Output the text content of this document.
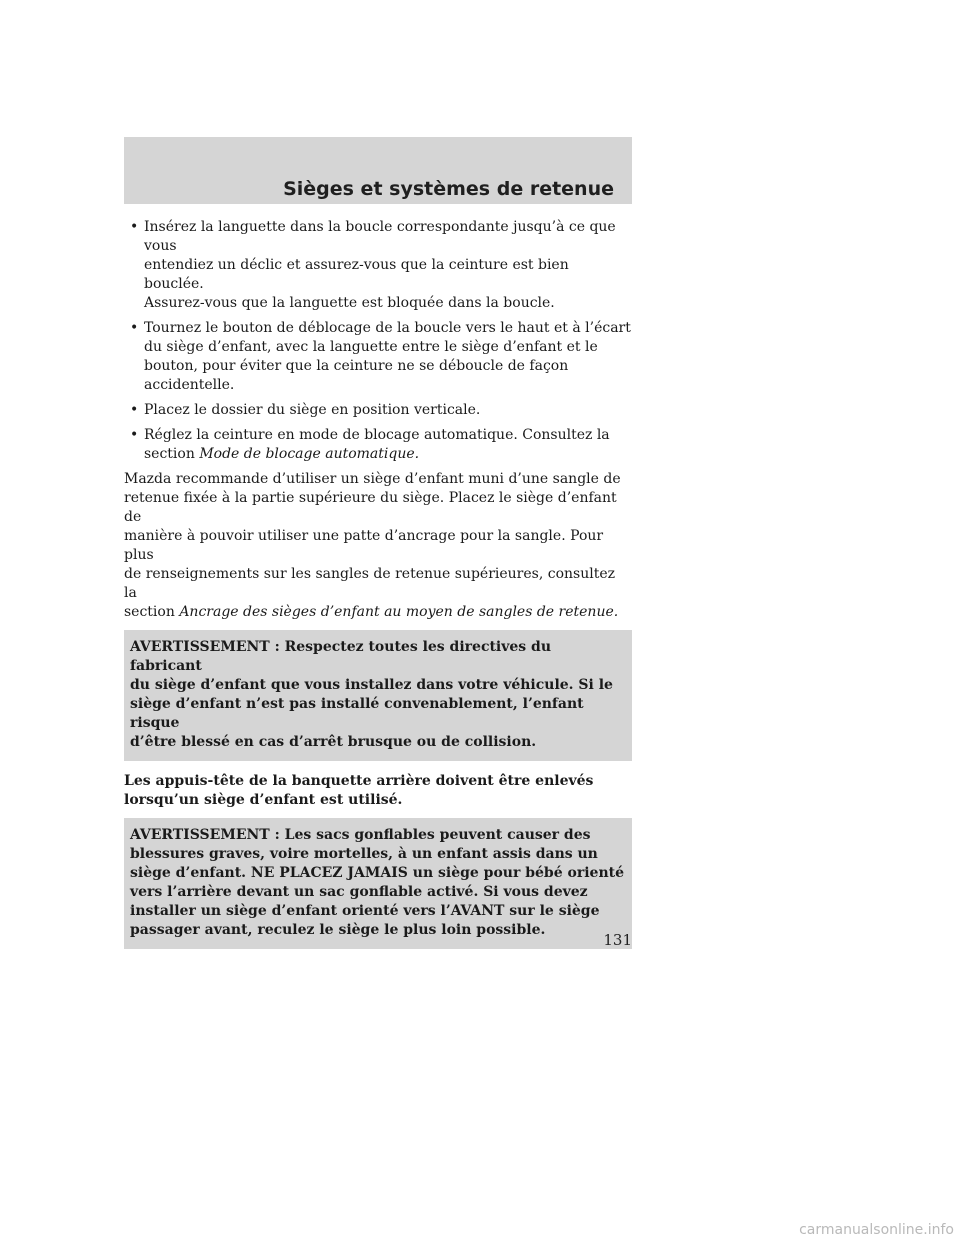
Sièges et systèmes de retenue
• Insérez la languette dans la boucle correspondante jusqu’à ce que vous
entendiez un déclic et assurez-vous que la ceinture est bien bouclée.
Assurez-vous que la languette est bloquée dans la boucle.
• Tournez le bouton de déblocage de la boucle vers le haut et à l’écart
du siège d’enfant, avec la languette entre le siège d’enfant et le
bouton, pour éviter que la ceinture ne se déboucle de façon
accidentelle.
• Placez le dossier du siège en position verticale.
• Réglez la ceinture en mode de blocage automatique. Consultez la
section Mode de blocage automatique.
Mazda recommande d’utiliser un siège d’enfant muni d’une sangle de
retenue fixée à la partie supérieure du siège. Placez le siège d’enfant de
manière à pouvoir utiliser une patte d’ancrage pour la sangle. Pour plus
de renseignements sur les sangles de retenue supérieures, consultez la
section Ancrage des sièges d’enfant au moyen de sangles de retenue.
AVERTISSEMENT : Respectez toutes les directives du fabricant
du siège d’enfant que vous installez dans votre véhicule. Si le
siège d’enfant n’est pas installé convenablement, l’enfant risque
d’être blessé en cas d’arrêt brusque ou de collision.
Les appuis-tête de la banquette arrière doivent être enlevés
lorsqu’un siège d’enfant est utilisé.
AVERTISSEMENT : Les sacs gonflables peuvent causer des
blessures graves, voire mortelles, à un enfant assis dans un
siège d’enfant. NE PLACEZ JAMAIS un siège pour bébé orienté
vers l’arrière devant un sac gonflable activé. Si vous devez
installer un siège d’enfant orienté vers l’AVANT sur le siège
passager avant, reculez le siège le plus loin possible.
131
carmanualsonline.info
